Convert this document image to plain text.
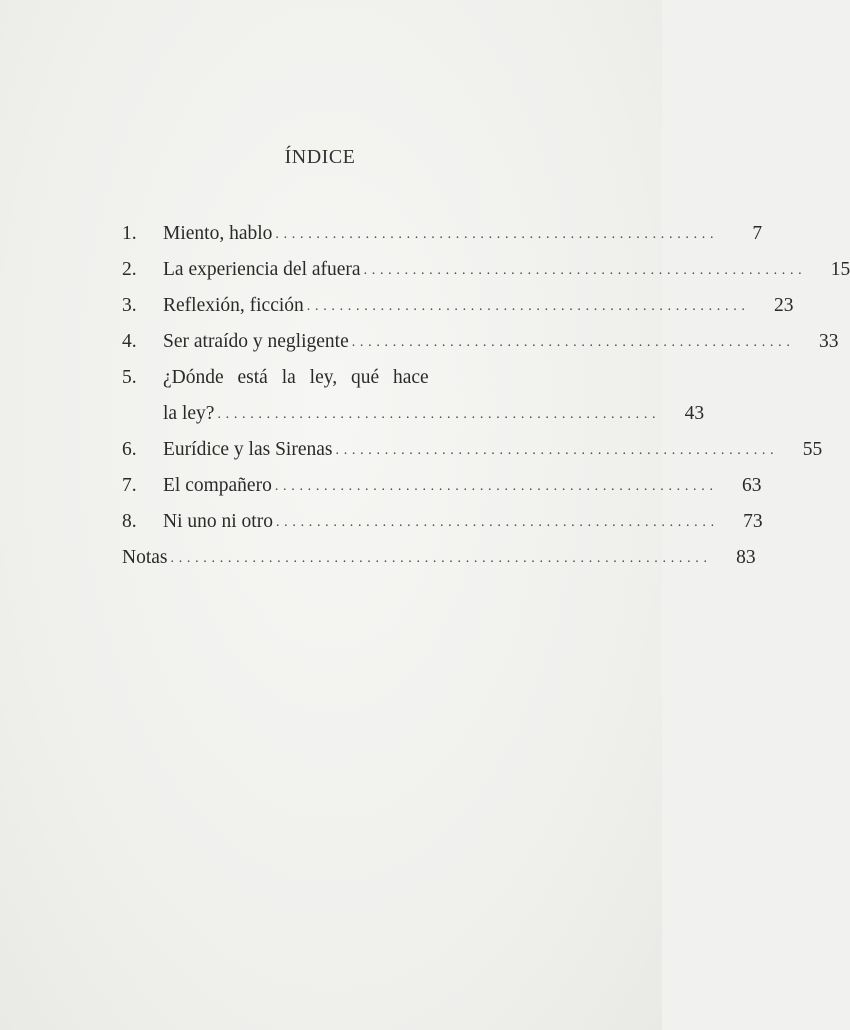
ÍNDICE
1.	Miento, hablo . . . . . . . . . . . . . . . . . . . . . . . . . . . . . . . . . . . . . . . . . . . . . . . . . . . . . .	7
2.	La experiencia del afuera . . . . . . . . . . . . . . . . . . . . . . . . . . . . . . . . . . . . . . . . . . . . . . . . . . . . . .	15
3.	Reflexión, ficción . . . . . . . . . . . . . . . . . . . . . . . . . . . . . . . . . . . . . . . . . . . . . . . . . . . . . .	23
4.	Ser atraído y negligente . . . . . . . . . . . . . . . . . . . . . . . . . . . . . . . . . . . . . . . . . . . . . . . . . . . . . .	33
5.	¿Dónde está la ley, qué hace
la ley? . . . . . . . . . . . . . . . . . . . . . . . . . . . . . . . . . . . . . . . . . . . . . . . . . . . . . .	43
6.	Eurídice y las Sirenas . . . . . . . . . . . . . . . . . . . . . . . . . . . . . . . . . . . . . . . . . . . . . . . . . . . . . .	55
7.	El compañero . . . . . . . . . . . . . . . . . . . . . . . . . . . . . . . . . . . . . . . . . . . . . . . . . . . . . .	63
8.	Ni uno ni otro . . . . . . . . . . . . . . . . . . . . . . . . . . . . . . . . . . . . . . . . . . . . . . . . . . . . . .	73
Notas . . . . . . . . . . . . . . . . . . . . . . . . . . . . . . . . . . . . . . . . . . . . . . . . . . . . . . . . . . . . . . . . . .	83
